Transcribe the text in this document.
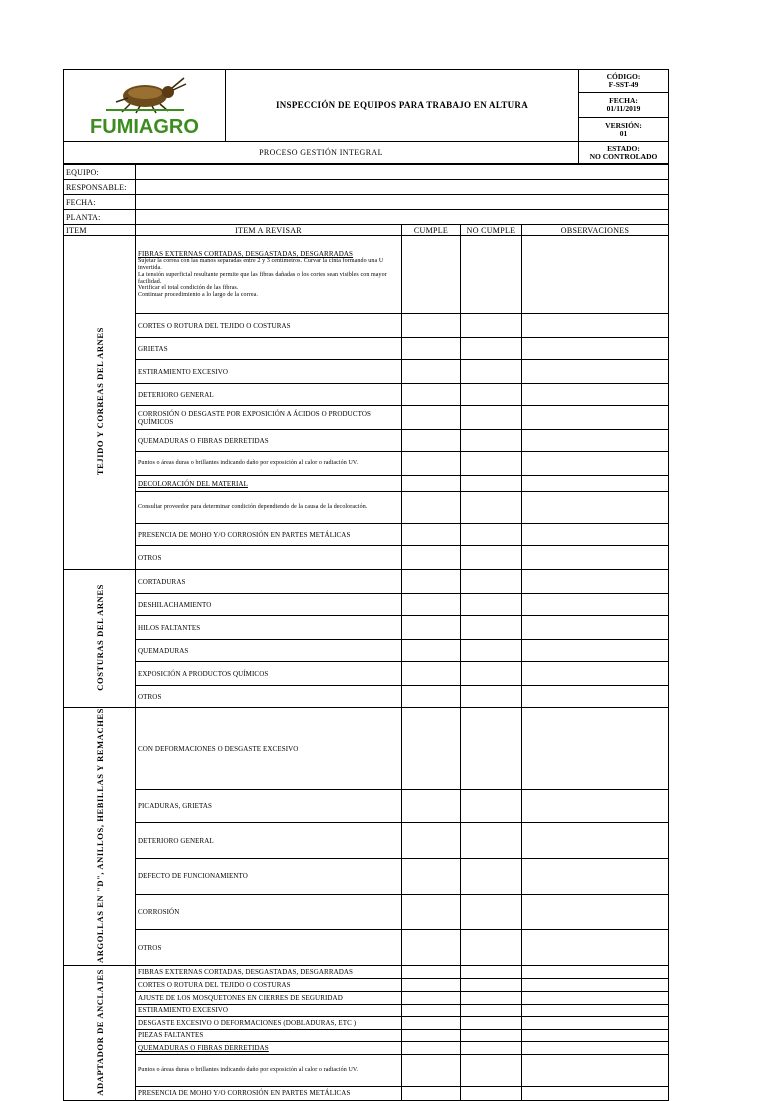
FUMIAGRO	INSPECCIÓN DE EQUIPOS PARA TRABAJO EN ALTURA	CÓDIGO:
F-SST-49
		FECHA:
01/11/2019
		VERSIÓN:
01
PROCESO GESTIÓN INTEGRAL		ESTADO:
NO CONTROLADO
EQUIPO:				
RESPONSABLE:				
FECHA:				
PLANTA:				
ITEM	ITEM A REVISAR	CUMPLE	NO CUMPLE	OBSERVACIONES
TEJIDO Y CORREAS DEL ARNES	FIBRAS EXTERNAS CORTADAS, DESGASTADAS, DESGARRADAS
Sujetar la correa con las manos separadas entre 2 y 3 centímetros. Curvar la cinta formando una U invertida.
La tensión superficial resultante permite que las fibras dañadas o los cortes sean visibles con mayor facilidad.
Verificar el total condición de las fibras.
Continuar procedimiento a lo largo de la correa.			

	CORTES O ROTURA DEL TEJIDO O COSTURAS			
	GRIETAS			
	ESTIRAMIENTO EXCESIVO			
	DETERIORO GENERAL			
	CORROSIÓN O DESGASTE POR EXPOSICIÓN A ÁCIDOS O PRODUCTOS QUÍMICOS			
	QUEMADURAS O FIBRAS DERRETIDAS			

	Puntos o áreas duras o brillantes indicando daño por exposición al calor o radiación UV.			

	DECOLORACIÓN DEL MATERIAL			

	Consultar proveedor para determinar condición dependiendo de la causa de la decoloración.			

	PRESENCIA DE MOHO Y/O CORROSIÓN EN PARTES METÁLICAS			
	OTROS			
COSTURAS DEL ARNES	CORTADURAS			
	DESHILACHAMIENTO			
	HILOS FALTANTES			
	QUEMADURAS			
	EXPOSICIÓN A PRODUCTOS QUÍMICOS			
	OTROS			
ARGOLLAS EN "D", ANILLOS, HEBILLAS Y REMACHES	CON DEFORMACIONES O DESGASTE EXCESIVO			
	PICADURAS, GRIETAS			
	DETERIORO GENERAL			
	DEFECTO DE FUNCIONAMIENTO			
	CORROSIÓN			
	OTROS			
ADAPTADOR DE ANCLAJES	FIBRAS EXTERNAS CORTADAS, DESGASTADAS, DESGARRADAS			
	CORTES O ROTURA DEL TEJIDO O COSTURAS			
	AJUSTE DE LOS MOSQUETONES EN CIERRES DE SEGURIDAD			
	ESTIRAMIENTO EXCESIVO			
	DESGASTE EXCESIVO O DEFORMACIONES (DOBLADURAS, ETC )			
	PIEZAS FALTANTES			
	QUEMADURAS O FIBRAS DERRETIDAS			

	Puntos o áreas duras o brillantes indicando daño por exposición al calor o radiación UV.			

	PRESENCIA DE MOHO Y/O CORROSIÓN EN PARTES METÁLICAS			
